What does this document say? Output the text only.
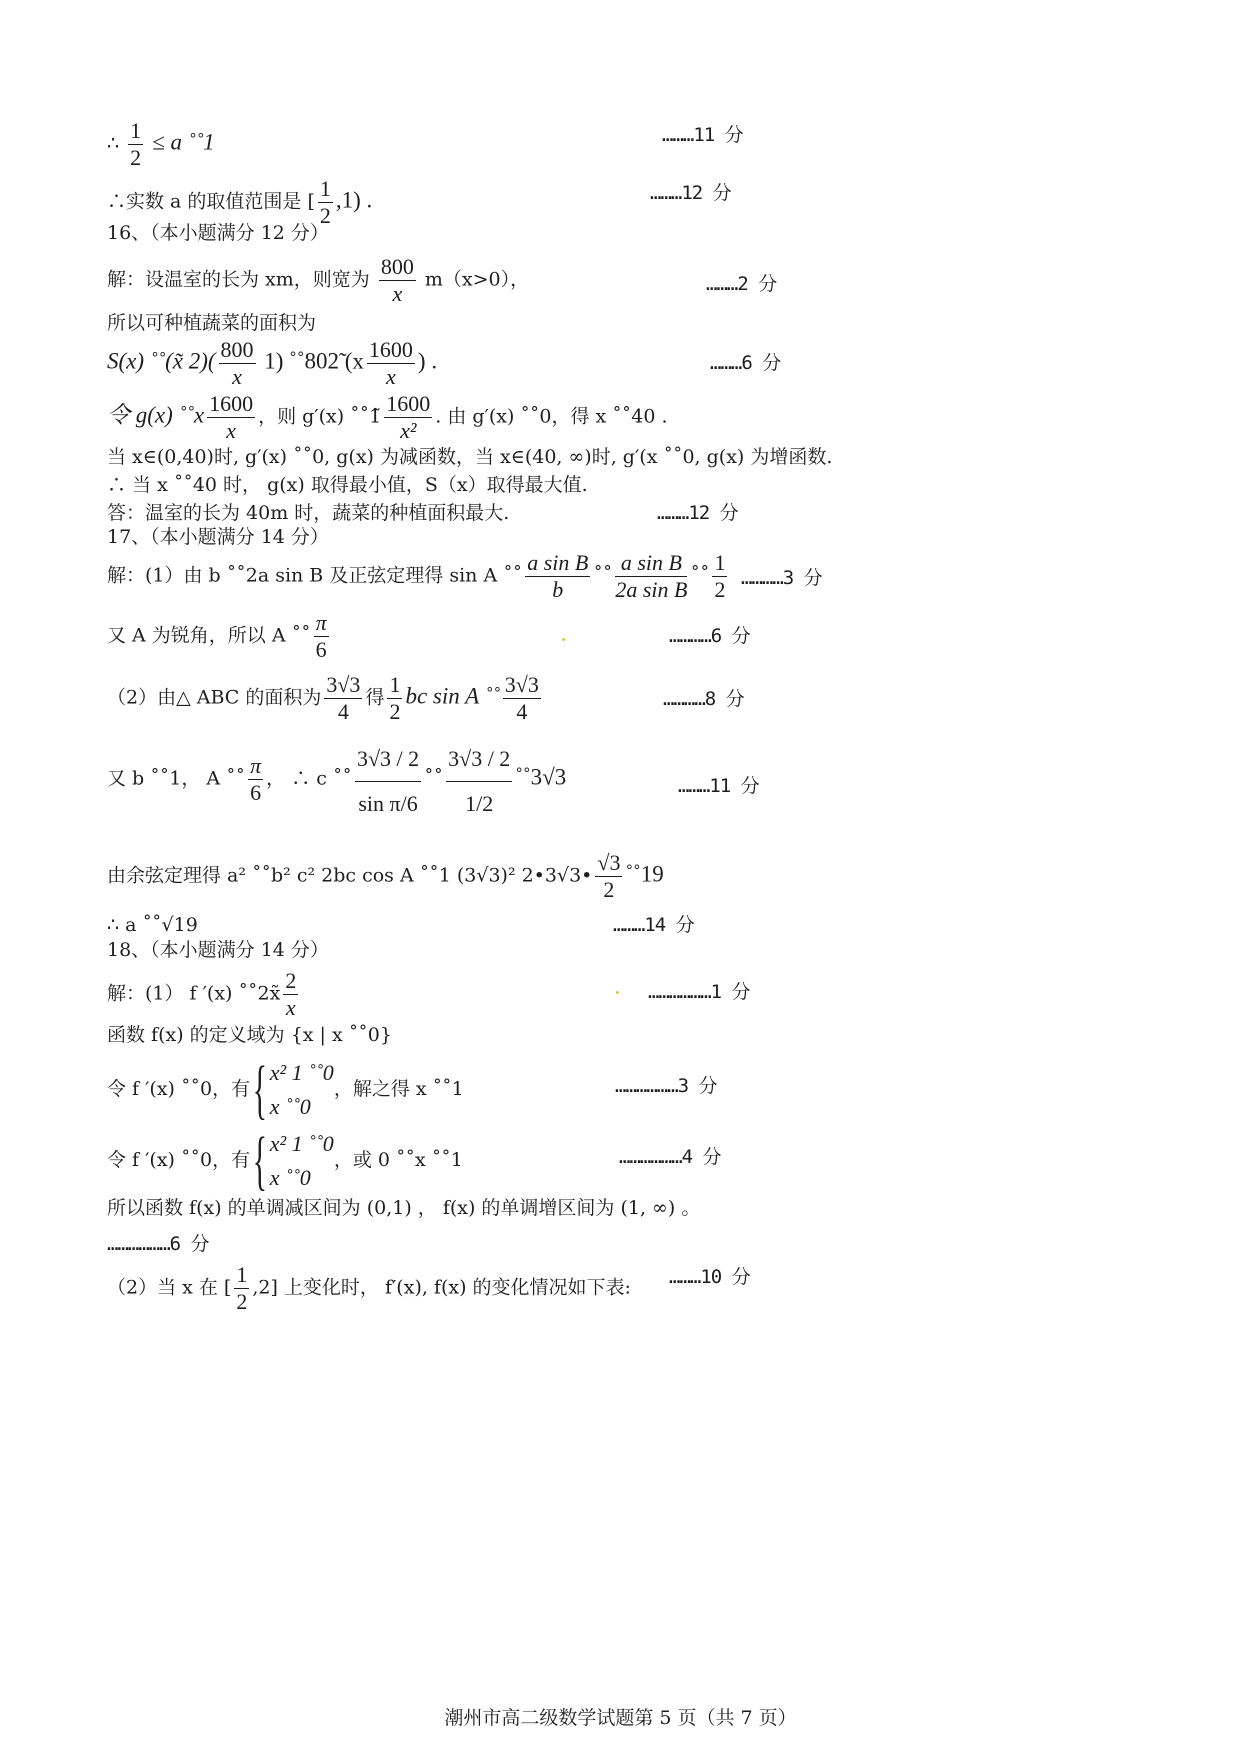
∴ $\frac{1}{2} \le a$ ˚˚1	………11 分
∴实数 a 的取值范围是 [ $\frac{1}{2} ,1$) .	………12 分
16、（本小题满分 12 分）
解：设温室的长为 xm，则宽为 $\frac{800}{x} m(x>0)$，	………2 分
所以可种植蔬菜的面积为
S(x) ˚˚(x̃ $2)( \frac{800}{x} 1)$ ˚˚802̃ ($x \frac{1600}{x}$ ) .	………6 分
令 g(x) ˚˚x $\frac{1600}{x}$ ，则 g′(x) ˚˚1̃ $\frac{1600}{\text{x²}}$ . 由 g′(x) ˚˚0，得 x ˚˚40 .
当 x∈(0,40)时, g′(x) ˚˚0, g(x) 为减函数，当 x∈(40, ∞)时, g′(x ˚˚0, g(x) 为增函数.
∴ 当 x ˚˚40 时， g(x) 取得最小值，S（x）取得最大值.
答：温室的长为 40m 时，蔬菜的种植面积最大.	………12 分
17、（本小题满分 14 分）
解：(1）由 b ˚˚2a sin B 及正弦定理得 sin A ˚˚ $\frac{\text{a sin B}}{b}$ ˚˚ $\frac{\text{a sin B}}{\text{2a sin B}}$ ˚˚ $\frac{1}{2}$ …………3 分
又 A 为锐角，所以 A ˚˚ $\frac{\pi}{6}$	…………6 分
（2）由△ ABC 的面积为 $\frac{3√3}{4}$ 得 $\frac{1}{2}$ bc sin A ˚˚ $\frac{3√3}{4}$	…………8 分
又 b ˚˚1， A ˚˚ $\frac{\pi}{6}$ ， ∴ c ˚˚ $\frac{3√3 / 2}{\text{sin π/6}}$ ˚˚ $\frac{3√3 / 2}{1/2}$ ˚˚3√3	………11 分
由余弦定理得 a² ˚˚b² c² 2bc cos A ˚˚1 (3√3)² 2•3√3• $\frac{√3}{2}$ ˚˚19
∴ a ˚˚√19	………14 分
18、（本小题满分 14 分）
解：(1） f ′(x) ˚˚2x̃ $\frac{2}{x}$	………………1 分
函数 f(x) 的定义域为 {x | x ˚˚0}
令 f ′(x) ˚˚0，有{ x² 1 ˚˚0
x ˚˚0
，解之得 x ˚˚1	………………3 分
令 f ′(x) ˚˚0，有{ x² 1 ˚˚0
x ˚˚0
，或 0 ˚˚x ˚˚1	………………4 分
所以函数 f(x) 的单调减区间为 (0,1) ， f(x) 的单调增区间为 (1, ∞) 。
………………6 分
（2）当 x 在 [ $\frac{1}{2} ,2$] 上变化时， f′(x), f(x) 的变化情况如下表: ………10 分
潮州市高二级数学试题第 5 页（共 7 页）
